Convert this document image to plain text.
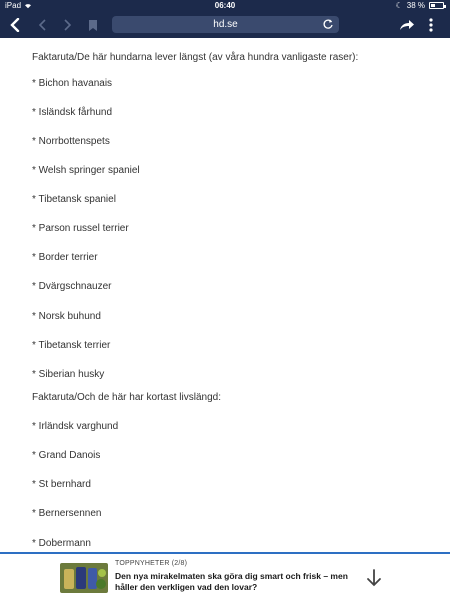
iPad	06:40	☾ 38 %
hd.se

Faktaruta/De här hundarna lever längst (av våra hundra vanligaste raser):

* Bichon havanais

* Isländsk fårhund

* Norrbottenspets

* Welsh springer spaniel

* Tibetansk spaniel

* Parson russel terrier

* Border terrier

* Dvärgschnauzer

* Norsk buhund

* Tibetansk terrier

* Siberian husky

Faktaruta/Och de här har kortast livslängd:

* Irländsk varghund

* Grand Danois

* St bernhard

* Bernersennen

* Dobermann

TOPPNYHETER (2/8)
Den nya mirakelmaten ska göra dig smart och frisk – men håller den verkligen vad den lovar?
